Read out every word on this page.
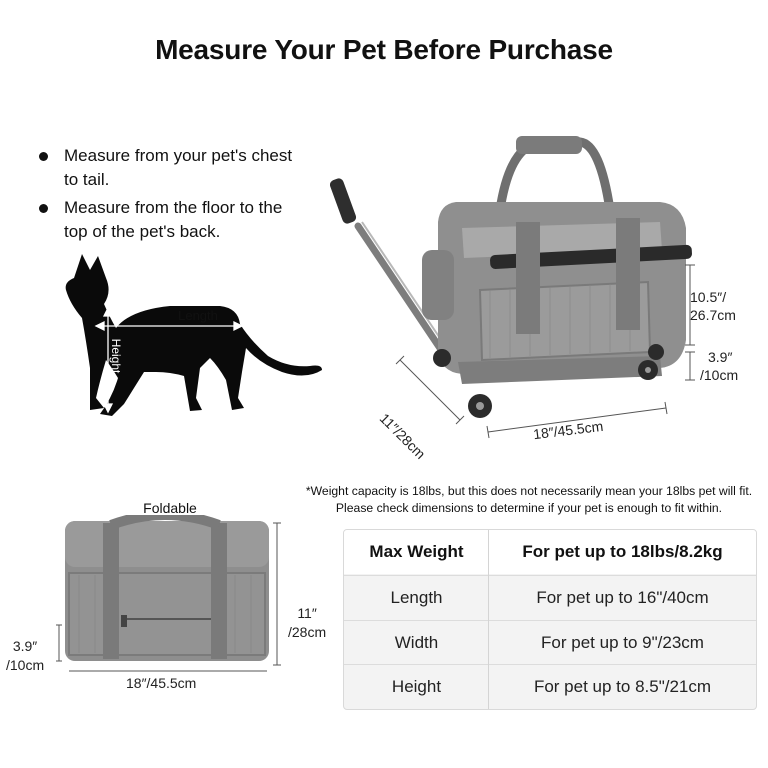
Measure Your Pet Before Purchase
Measure from your pet's chest to tail.
Measure from the floor to the top of the pet's back.
Length
Height
10.5″/
26.7cm
3.9″
/10cm
11″/28cm	18″/45.5cm
*Weight capacity is 18lbs, but this does not necessarily mean your 18lbs pet will fit.
Please check dimensions to determine if your pet is enough to fit within.
Foldable
11″
/28cm
3.9″
/10cm
18″/45.5cm
Max Weight	For pet up to 18lbs/8.2kg
Length	For pet up to 16"/40cm
Width	For pet up to 9"/23cm
Height	For pet up to 8.5"/21cm
